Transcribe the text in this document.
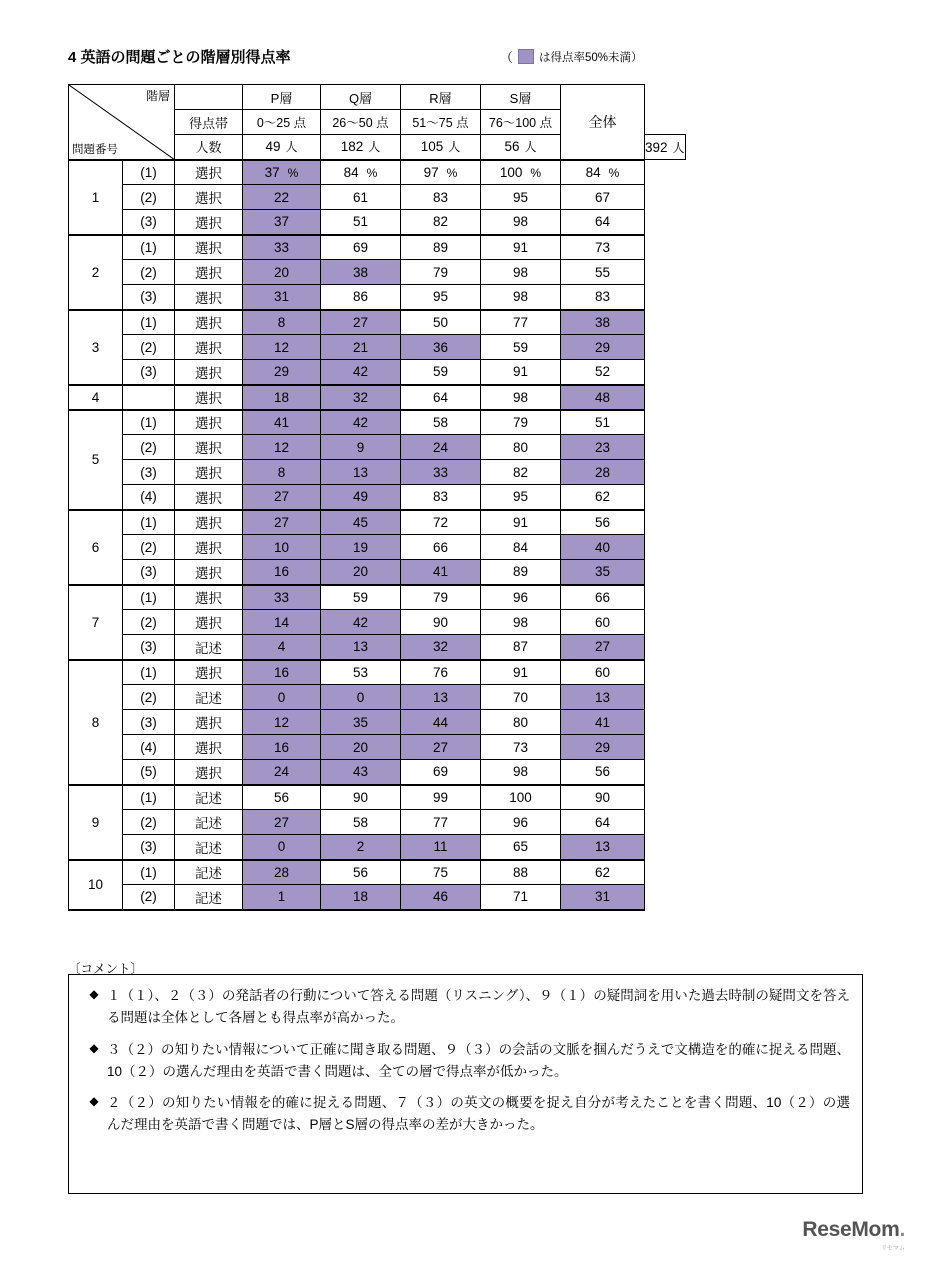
4 英語の問題ごとの階層別得点率	（ は得点率50%未満）
階層
問題番号			P層	Q層	R層	S層	全体	
		得点帯	0〜25 点	26〜50 点	51〜75 点	76〜100 点		
		人数	49 人	182 人	105 人	56 人		392 人
1	(1)	選択	37 %	84 %	97 %	100 %	84 %	
	(2)	選択	22	61	83	95	67	
	(3)	選択	37	51	82	98	64	
2	(1)	選択	33	69	89	91	73	
	(2)	選択	20	38	79	98	55	
	(3)	選択	31	86	95	98	83	
3	(1)	選択	8	27	50	77	38	
	(2)	選択	12	21	36	59	29	
	(3)	選択	29	42	59	91	52	
4		選択	18	32	64	98	48	
5	(1)	選択	41	42	58	79	51	
	(2)	選択	12	9	24	80	23	
	(3)	選択	8	13	33	82	28	
	(4)	選択	27	49	83	95	62	
6	(1)	選択	27	45	72	91	56	
	(2)	選択	10	19	66	84	40	
	(3)	選択	16	20	41	89	35	
7	(1)	選択	33	59	79	96	66	
	(2)	選択	14	42	90	98	60	
	(3)	記述	4	13	32	87	27	
8	(1)	選択	16	53	76	91	60	
	(2)	記述	0	0	13	70	13	
	(3)	選択	12	35	44	80	41	
	(4)	選択	16	20	27	73	29	
	(5)	選択	24	43	69	98	56	
9	(1)	記述	56	90	99	100	90	
	(2)	記述	27	58	77	96	64	
	(3)	記述	0	2	11	65	13	
10	(1)	記述	28	56	75	88	62	
	(2)	記述	1	18	46	71	31	
〔コメント〕
◆ １（１）、２（３）の発話者の行動について答える問題（リスニング）、９（１）の疑問詞を用いた過去時制の疑問文を答える問題は全体として各層とも得点率が高かった。
◆ ３（２）の知りたい情報について正確に聞き取る問題、９（３）の会話の文脈を掴んだうえで文構造を的確に捉える問題、10（２）の選んだ理由を英語で書く問題は、全ての層で得点率が低かった。
◆ ２（２）の知りたい情報を的確に捉える問題、７（３）の英文の概要を捉え自分が考えたことを書く問題、10（２）の選んだ理由を英語で書く問題では、P層とS層の得点率の差が大きかった。
ReseMom.
リセマム
